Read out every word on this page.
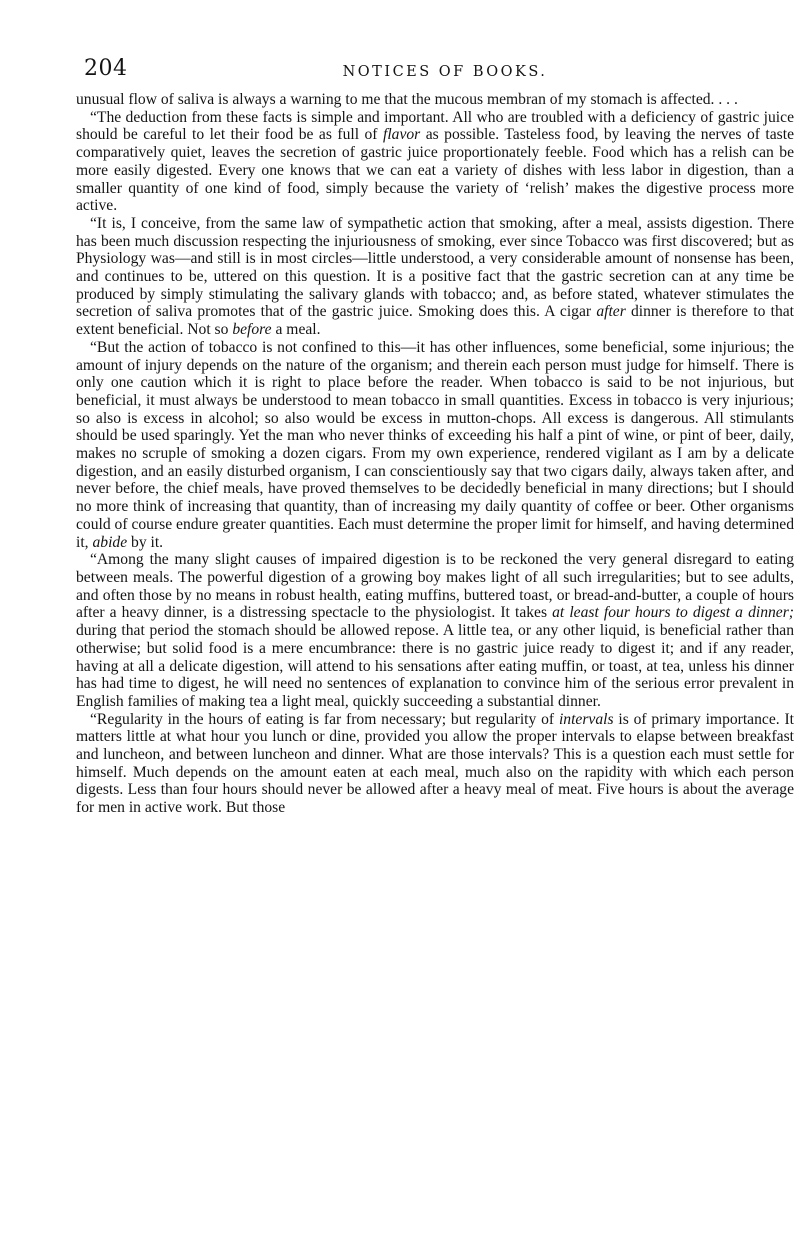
204	NOTICES OF BOOKS.

unusual flow of saliva is always a warning to me that the mucous membran of my stomach is affected. . . .

“The deduction from these facts is simple and important. All who are troubled with a deficiency of gastric juice should be careful to let their food be as full of flavor as possible. Tasteless food, by leaving the nerves of taste comparatively quiet, leaves the secretion of gastric juice proportionately feeble. Food which has a relish can be more easily digested. Every one knows that we can eat a variety of dishes with less labor in digestion, than a smaller quantity of one kind of food, simply because the variety of ‘relish’ makes the digestive process more active.

“It is, I conceive, from the same law of sympathetic action that smoking, after a meal, assists digestion. There has been much discussion respecting the injuriousness of smoking, ever since Tobacco was first discovered; but as Physiology was—and still is in most circles—little understood, a very considerable amount of nonsense has been, and continues to be, uttered on this question. It is a positive fact that the gastric secretion can at any time be produced by simply stimulating the salivary glands with tobacco; and, as before stated, whatever stimulates the secretion of saliva promotes that of the gastric juice. Smoking does this. A cigar after dinner is therefore to that extent beneficial. Not so before a meal.

“But the action of tobacco is not confined to this—it has other influences, some beneficial, some injurious; the amount of injury depends on the nature of the organism; and therein each person must judge for himself. There is only one caution which it is right to place before the reader. When tobacco is said to be not injurious, but beneficial, it must always be understood to mean tobacco in small quantities. Excess in tobacco is very injurious; so also is excess in alcohol; so also would be excess in mutton-chops. All excess is dangerous. All stimulants should be used sparingly. Yet the man who never thinks of exceeding his half a pint of wine, or pint of beer, daily, makes no scruple of smoking a dozen cigars. From my own experience, rendered vigilant as I am by a delicate digestion, and an easily disturbed organism, I can conscientiously say that two cigars daily, always taken after, and never before, the chief meals, have proved themselves to be decidedly beneficial in many directions; but I should no more think of increasing that quantity, than of increasing my daily quantity of coffee or beer. Other organisms could of course endure greater quantities. Each must determine the proper limit for himself, and having determined it, abide by it.

“Among the many slight causes of impaired digestion is to be reckoned the very general disregard to eating between meals. The powerful digestion of a growing boy makes light of all such irregularities; but to see adults, and often those by no means in robust health, eating muffins, buttered toast, or bread-and-butter, a couple of hours after a heavy dinner, is a distressing spectacle to the physiologist. It takes at least four hours to digest a dinner; during that period the stomach should be allowed repose. A little tea, or any other liquid, is beneficial rather than otherwise; but solid food is a mere encumbrance: there is no gastric juice ready to digest it; and if any reader, having at all a delicate digestion, will attend to his sensations after eating muffin, or toast, at tea, unless his dinner has had time to digest, he will need no sentences of explanation to convince him of the serious error prevalent in English families of making tea a light meal, quickly succeeding a substantial dinner.

“Regularity in the hours of eating is far from necessary; but regularity of intervals is of primary importance. It matters little at what hour you lunch or dine, provided you allow the proper intervals to elapse between breakfast and luncheon, and between luncheon and dinner. What are those intervals? This is a question each must settle for himself. Much depends on the amount eaten at each meal, much also on the rapidity with which each person digests. Less than four hours should never be allowed after a heavy meal of meat. Five hours is about the average for men in active work. But those
